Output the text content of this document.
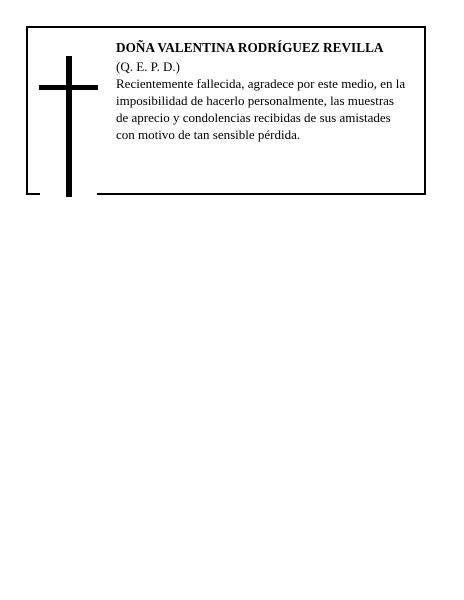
DOÑA VALENTINA RODRÍGUEZ REVILLA
(Q. E. P. D.)
Recientemente fallecida, agradece por este medio, en la
imposibilidad de hacerlo personalmente, las muestras
de aprecio y condolencias recibidas de sus amistades
con motivo de tan sensible pérdida.
